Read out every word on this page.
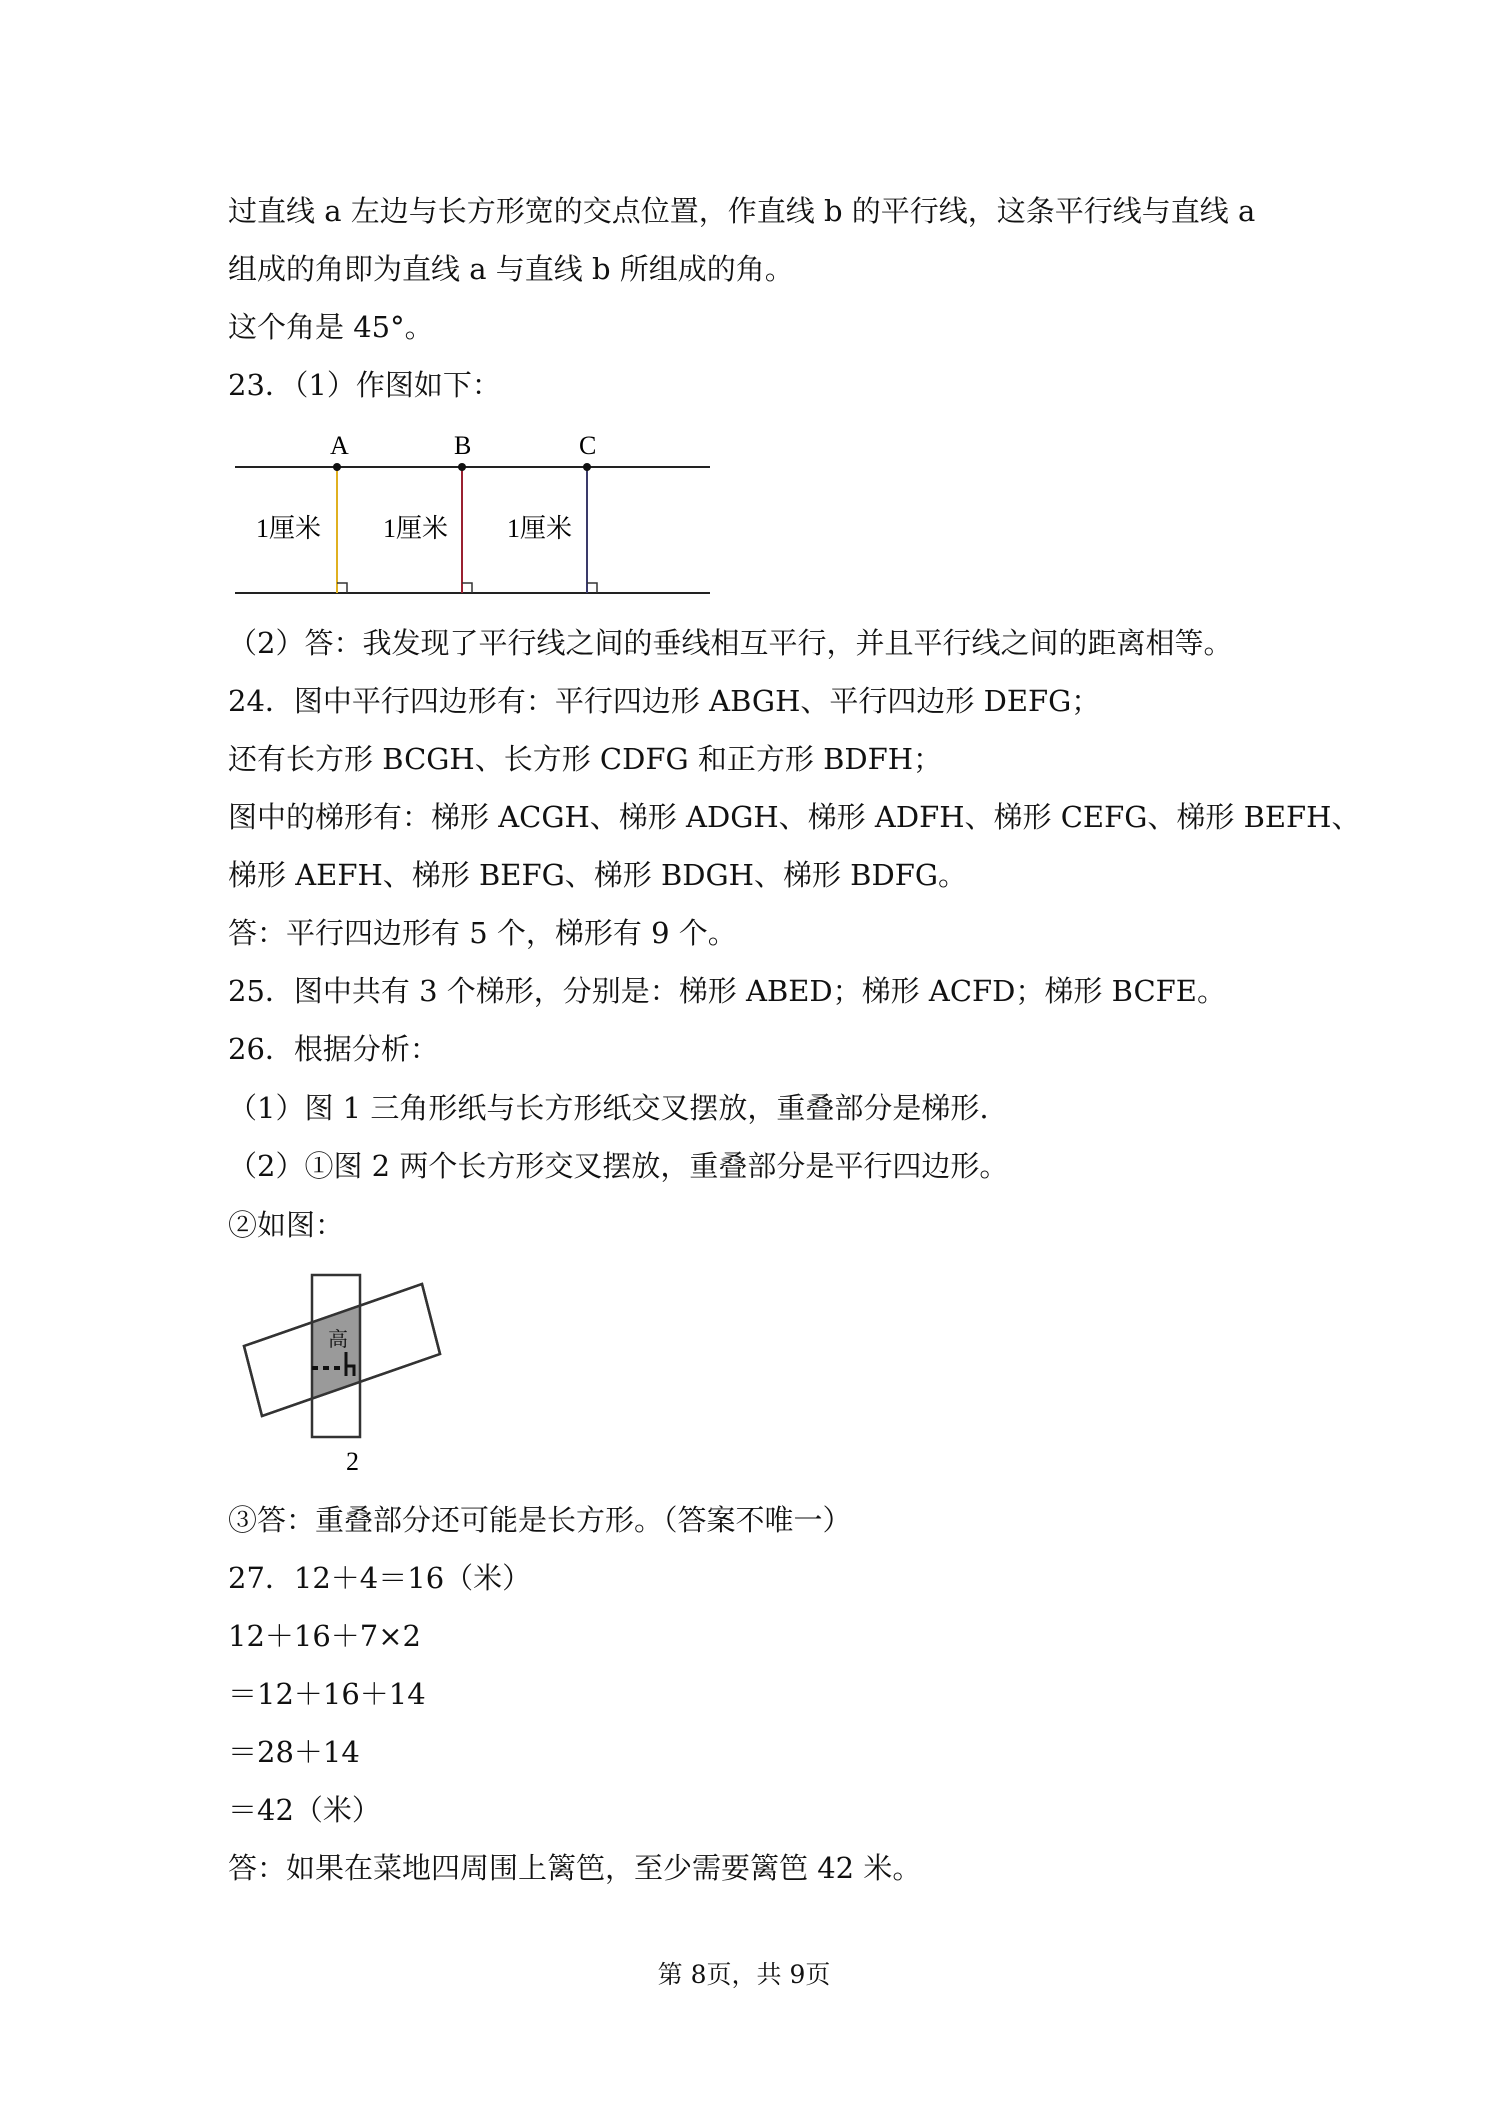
过直线 a 左边与长方形宽的交点位置，作直线 b 的平行线，这条平行线与直线 a
组成的角即为直线 a 与直线 b 所组成的角。
这个角是 45°。
23．（1）作图如下：
A	B	C
1厘米 1厘米 1厘米
（2）答：我发现了平行线之间的垂线相互平行，并且平行线之间的距离相等。
24．图中平行四边形有：平行四边形 ABGH、平行四边形 DEFG；
还有长方形 BCGH、长方形 CDFG 和正方形 BDFH；
图中的梯形有：梯形 ACGH、梯形 ADGH、梯形 ADFH、梯形 CEFG、梯形 BEFH、
梯形 AEFH、梯形 BEFG、梯形 BDGH、梯形 BDFG。
答：平行四边形有 5 个，梯形有 9 个。
25．图中共有 3 个梯形，分别是：梯形 ABED；梯形 ACFD；梯形 BCFE。
26．根据分析：
（1）图 1 三角形纸与长方形纸交叉摆放，重叠部分是梯形.
（2）①图 2 两个长方形交叉摆放，重叠部分是平行四边形。
②如图：
高
2
③答：重叠部分还可能是长方形。（答案不唯一）
27．12＋4＝16（米）
12＋16＋7×2
＝12＋16＋14
＝28＋14
＝42（米）
答：如果在菜地四周围上篱笆，至少需要篱笆 42 米。
第 8页，共 9页
